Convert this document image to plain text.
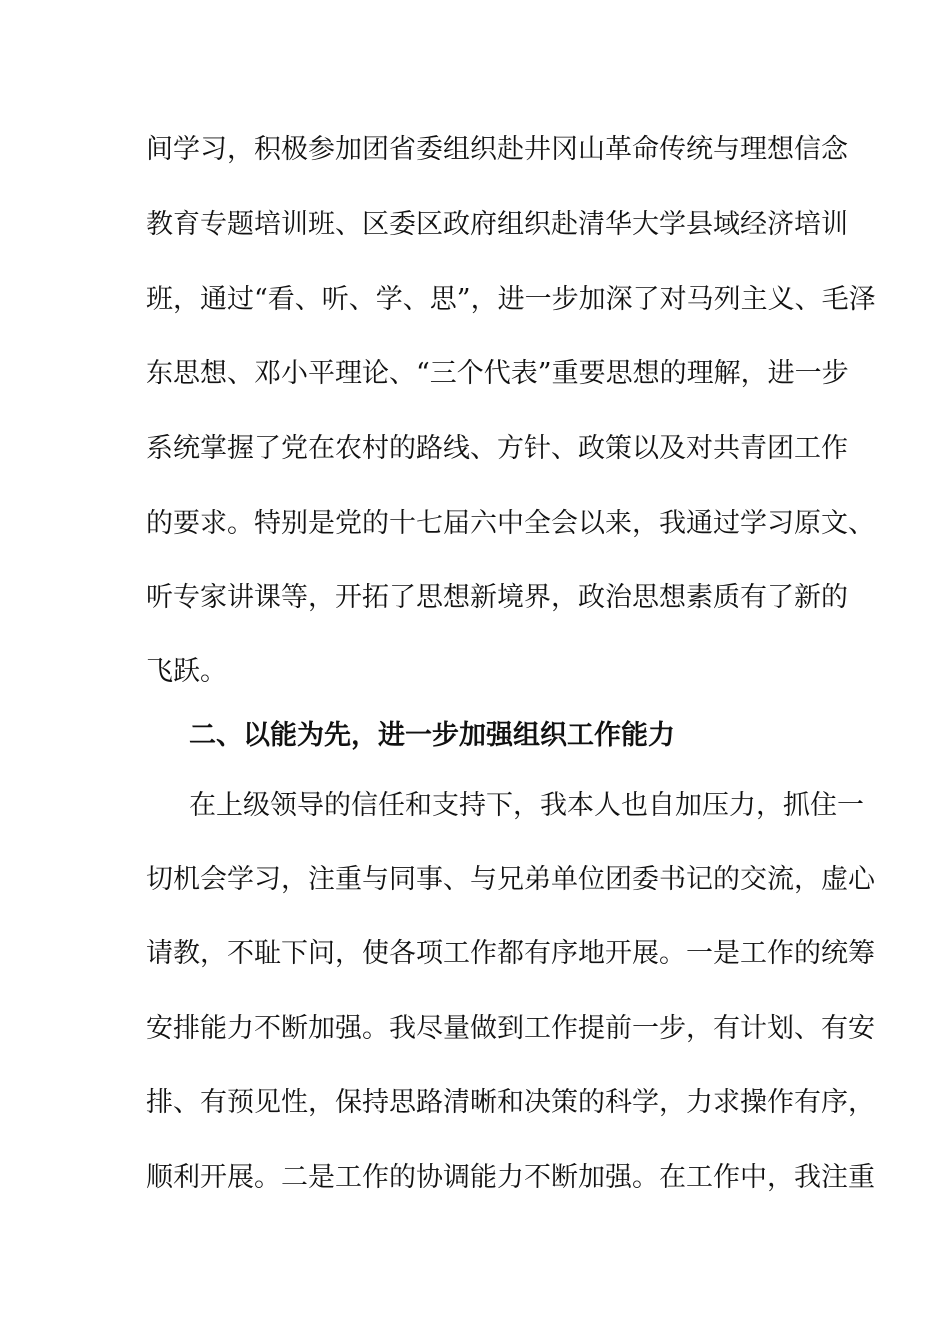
间学习，积极参加团省委组织赴井冈山革命传统与理想信念
教育专题培训班、区委区政府组织赴清华大学县域经济培训
班，通过“看、听、学、思”，进一步加深了对马列主义、毛泽
东思想、邓小平理论、“三个代表”重要思想的理解，进一步
系统掌握了党在农村的路线、方针、政策以及对共青团工作
的要求。特别是党的十七届六中全会以来，我通过学习原文、
听专家讲课等，开拓了思想新境界，政治思想素质有了新的
飞跃。
二、以能为先，进一步加强组织工作能力
在上级领导的信任和支持下，我本人也自加压力，抓住一
切机会学习，注重与同事、与兄弟单位团委书记的交流，虚心
请教，不耻下问，使各项工作都有序地开展。一是工作的统筹
安排能力不断加强。我尽量做到工作提前一步，有计划、有安
排、有预见性，保持思路清晰和决策的科学，力求操作有序，
顺利开展。二是工作的协调能力不断加强。在工作中，我注重
